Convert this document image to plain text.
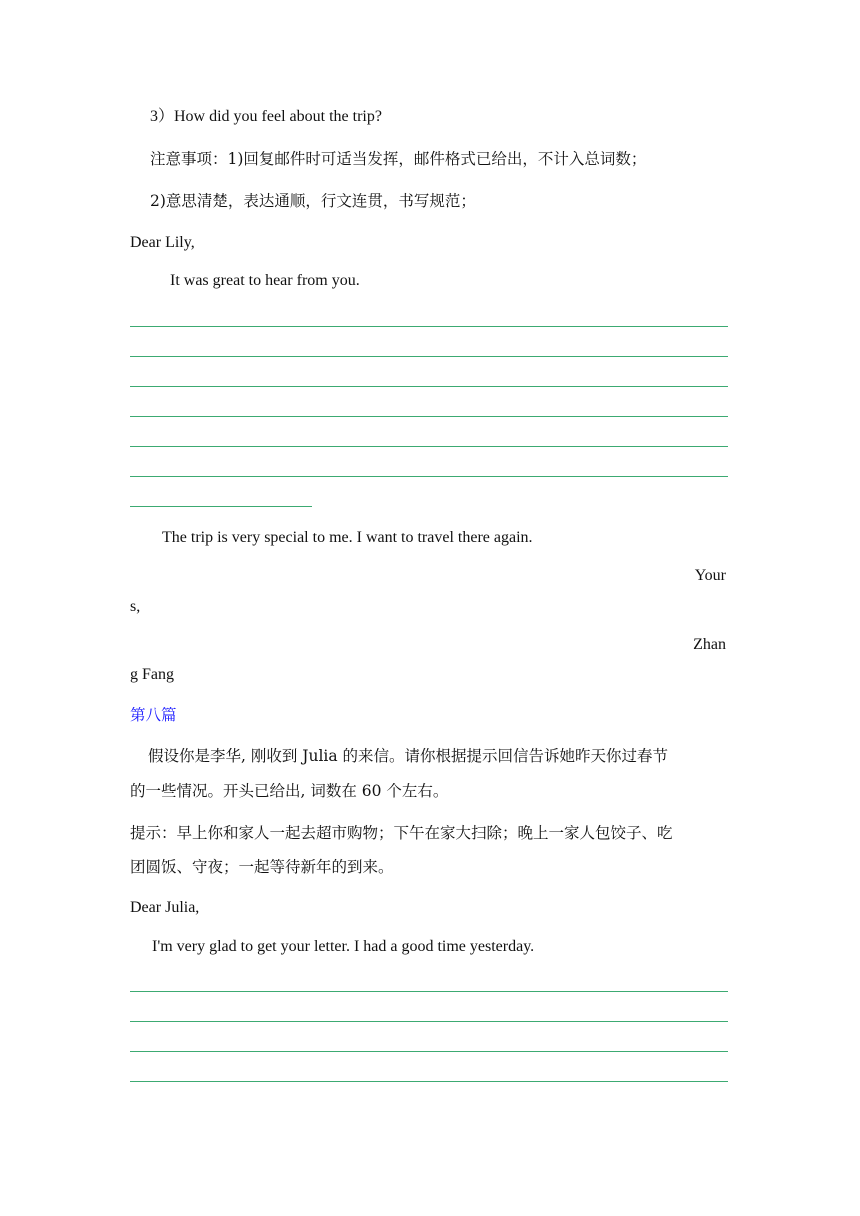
3）How did you feel about the trip?
注意事项：1)回复邮件时可适当发挥，邮件格式已给出，不计入总词数；
2)意思清楚，表达通顺，行文连贯，书写规范；
Dear Lily,
It was great to hear from you.
The trip is very special to me. I want to travel there again.
Your
s,
Zhan
g Fang
第八篇
假设你是李华, 刚收到 Julia 的来信。请你根据提示回信告诉她昨天你过春节
的一些情况。开头已给出, 词数在 60 个左右。
提示：早上你和家人一起去超市购物；下午在家大扫除；晚上一家人包饺子、吃
团圆饭、守夜；一起等待新年的到来。
Dear Julia,
I'm very glad to get your letter. I had a good time yesterday.
